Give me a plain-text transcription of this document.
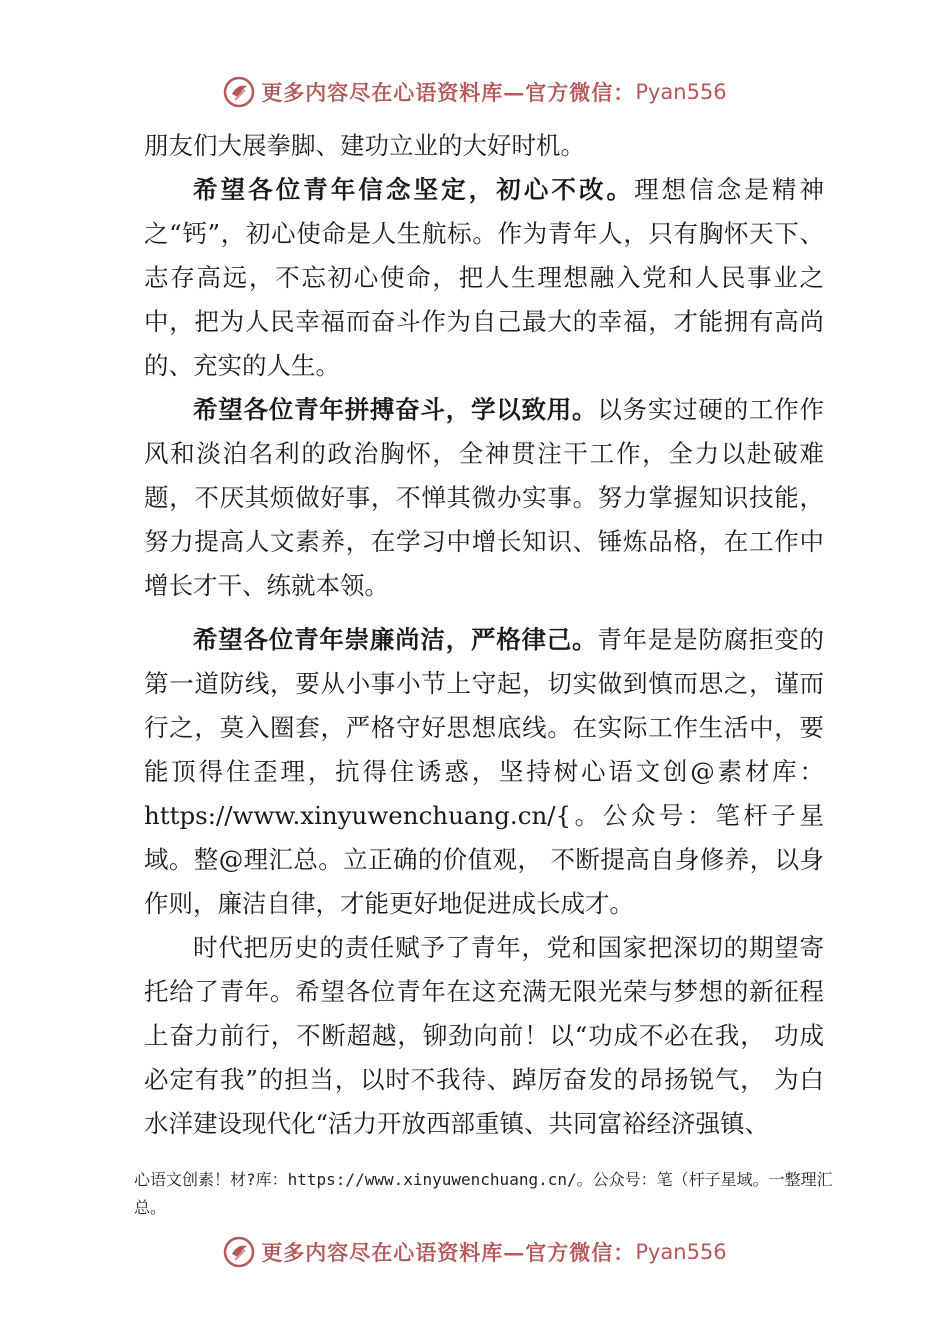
更多内容尽在心语资料库—官方微信： Pyan556

朋友们大展拳脚、建功立业的大好时机。

希望各位青年信念坚定，初心不改。理想信念是精神之“钙”，初心使命是人生航标。作为青年人，只有胸怀天下、志存高远，不忘初心使命，把人生理想融入党和人民事业之中，把为人民幸福而奋斗作为自己最大的幸福，才能拥有高尚的、充实的人生。

希望各位青年拼搏奋斗，学以致用。以务实过硬的工作作风和淡泊名利的政治胸怀，全神贯注干工作，全力以赴破难题，不厌其烦做好事，不惮其微办实事。努力掌握知识技能，努力提高人文素养，在学习中增长知识、锤炼品格，在工作中增长才干、练就本领。

希望各位青年崇廉尚洁，严格律己。青年是是防腐拒变的第一道防线，要从小事小节上守起，切实做到慎而思之，谨而行之，莫入圈套，严格守好思想底线。在实际工作生活中，要能顶得住歪理，抗得住诱惑，坚持树心语文创@素材库：https://www.xinyuwenchuang.cn/{。公众号：笔杆子星域。整@理汇总。立正确的价值观， 不断提高自身修养，以身作则，廉洁自律，才能更好地促进成长成才。

时代把历史的责任赋予了青年，党和国家把深切的期望寄托给了青年。希望各位青年在这充满无限光荣与梦想的新征程上奋力前行，不断超越，铆劲向前！以“功成不必在我， 功成必定有我”的担当，以时不我待、踔厉奋发的昂扬锐气， 为白水洋建设现代化“活力开放西部重镇、共同富裕经济强镇、

心语文创素！材?库：https://www.xinyuwenchuang.cn/。公众号：笔（杆子星域。一整理汇总。
更多内容尽在心语资料库—官方微信： Pyan556
